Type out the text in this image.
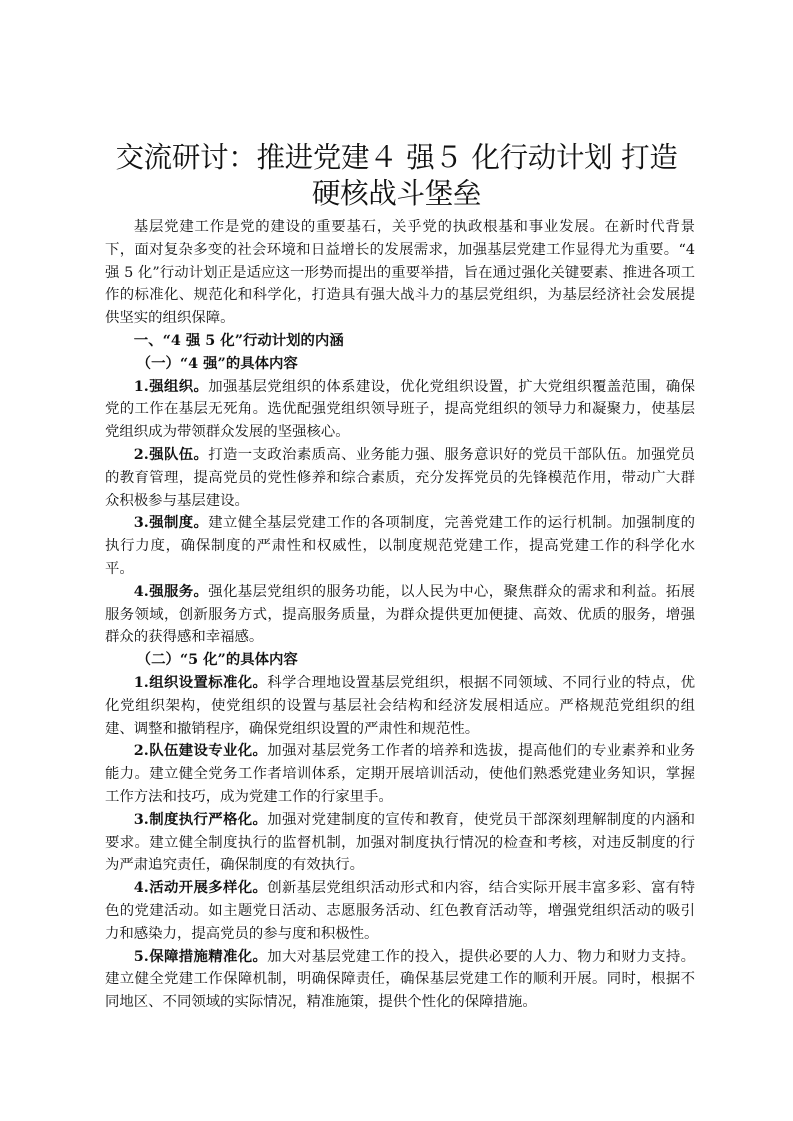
交流研讨：推进党建４ 强５ 化行动计划 打造
硬核战斗堡垒

基层党建工作是党的建设的重要基石，关乎党的执政根基和事业发展。在新时代背景下，面对复杂多变的社会环境和日益增长的发展需求，加强基层党建工作显得尤为重要。“4 强 5 化”行动计划正是适应这一形势而提出的重要举措，旨在通过强化关键要素、推进各项工作的标准化、规范化和科学化，打造具有强大战斗力的基层党组织，为基层经济社会发展提供坚实的组织保障。

一、“4 强 5 化”行动计划的内涵

（一）“4 强”的具体内容

1.强组织。加强基层党组织的体系建设，优化党组织设置，扩大党组织覆盖范围，确保党的工作在基层无死角。选优配强党组织领导班子，提高党组织的领导力和凝聚力，使基层党组织成为带领群众发展的坚强核心。

2.强队伍。打造一支政治素质高、业务能力强、服务意识好的党员干部队伍。加强党员的教育管理，提高党员的党性修养和综合素质，充分发挥党员的先锋模范作用，带动广大群众积极参与基层建设。

3.强制度。建立健全基层党建工作的各项制度，完善党建工作的运行机制。加强制度的执行力度，确保制度的严肃性和权威性，以制度规范党建工作，提高党建工作的科学化水平。

4.强服务。强化基层党组织的服务功能，以人民为中心，聚焦群众的需求和利益。拓展服务领域，创新服务方式，提高服务质量，为群众提供更加便捷、高效、优质的服务，增强群众的获得感和幸福感。

（二）“5 化”的具体内容

1.组织设置标准化。科学合理地设置基层党组织，根据不同领域、不同行业的特点，优化党组织架构，使党组织的设置与基层社会结构和经济发展相适应。严格规范党组织的组建、调整和撤销程序，确保党组织设置的严肃性和规范性。

2.队伍建设专业化。加强对基层党务工作者的培养和选拔，提高他们的专业素养和业务能力。建立健全党务工作者培训体系，定期开展培训活动，使他们熟悉党建业务知识，掌握工作方法和技巧，成为党建工作的行家里手。

3.制度执行严格化。加强对党建制度的宣传和教育，使党员干部深刻理解制度的内涵和要求。建立健全制度执行的监督机制，加强对制度执行情况的检查和考核，对违反制度的行为严肃追究责任，确保制度的有效执行。

4.活动开展多样化。创新基层党组织活动形式和内容，结合实际开展丰富多彩、富有特色的党建活动。如主题党日活动、志愿服务活动、红色教育活动等，增强党组织活动的吸引力和感染力，提高党员的参与度和积极性。

5.保障措施精准化。加大对基层党建工作的投入，提供必要的人力、物力和财力支持。建立健全党建工作保障机制，明确保障责任，确保基层党建工作的顺利开展。同时，根据不同地区、不同领域的实际情况，精准施策，提供个性化的保障措施。
